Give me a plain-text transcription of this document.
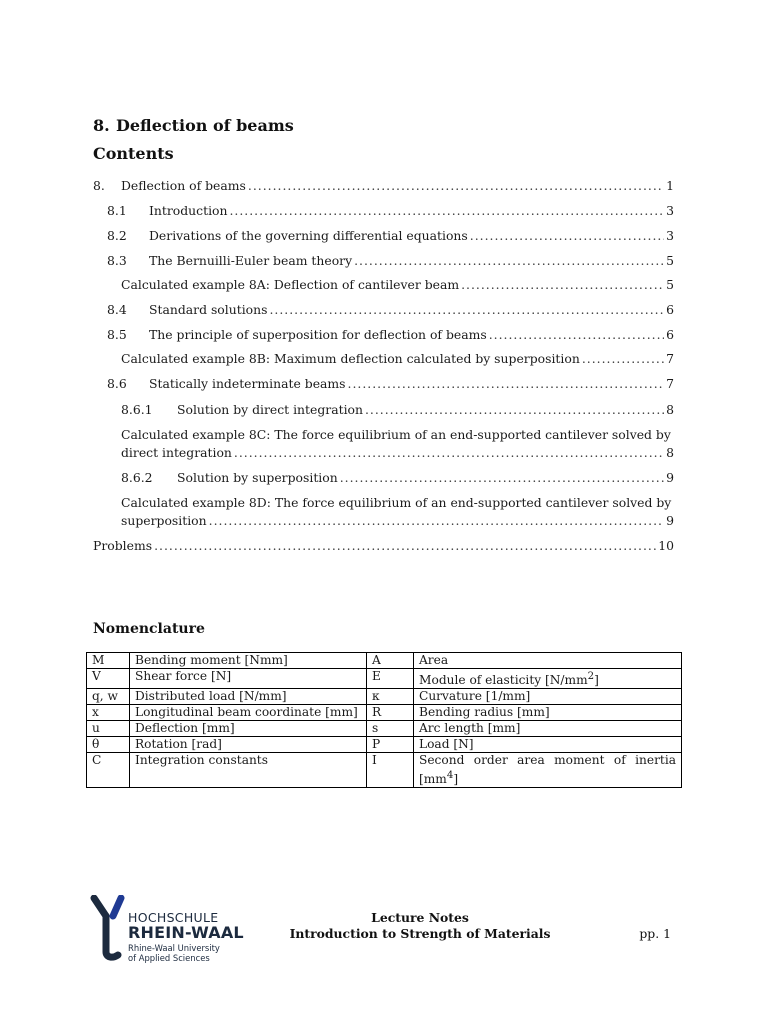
8. Deflection of beams
Contents
8.	Deflection of beams .....	1
8.1	Introduction .....	3
8.2	Derivations of the governing differential equations .....	3
8.3	The Bernuilli-Euler beam theory .....	5
Calculated example 8A: Deflection of cantilever beam .....	5
8.4	Standard solutions .....	6
8.5	The principle of superposition for deflection of beams .....	6
Calculated example 8B: Maximum deflection calculated by superposition .....	7
8.6	Statically indeterminate beams .....	7
8.6.1	Solution by direct integration .....	8
Calculated example 8C: The force equilibrium of an end-supported cantilever solved by
direct integration .....	8
8.6.2	Solution by superposition .....	9
Calculated example 8D: The force equilibrium of an end-supported cantilever solved by
superposition .....	9
Problems .....	10
Nomenclature
M	Bending moment [Nmm]	A	Area
V	Shear force [N]	E	Module of elasticity $[N/mm^2]$
q, w	Distributed load [N/mm]	κ	Curvature [1/mm]
x	Longitudinal beam coordinate [mm]	R	Bending radius [mm]
u	Deflection [mm]	s	Arc length [mm]
θ	Rotation [rad]	P	Load [N]
C	Integration constants	I	Second order area moment of inertia $[mm^4]$
HOCHSCHULE
RHEIN-WAAL
Rhine-Waal University
of Applied Sciences
Lecture Notes
Introduction to Strength of Materials	pp. 1
